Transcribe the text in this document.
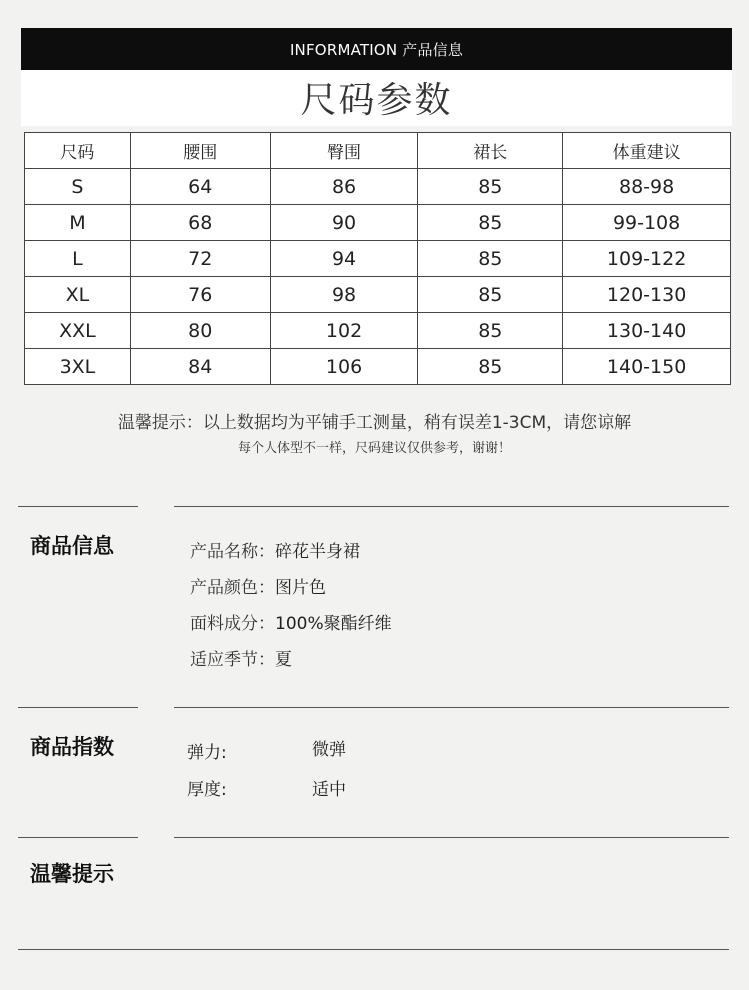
INFORMATION 产品信息
尺码参数
尺码	腰围	臀围	裙长	体重建议
S	64	86	85	88-98
M	68	90	85	99-108
L	72	94	85	109-122
XL	76	98	85	120-130
XXL	80	102	85	130-140
3XL	84	106	85	140-150
温馨提示：以上数据均为平铺手工测量，稍有误差1-3CM，请您谅解
每个人体型不一样，尺码建议仅供参考，谢谢！
商品信息	产品名称：碎花半身裙
产品颜色：图片色
面料成分：100%聚酯纤维
适应季节：夏
商品指数	弹力:	微弹
厚度:	适中
温馨提示
